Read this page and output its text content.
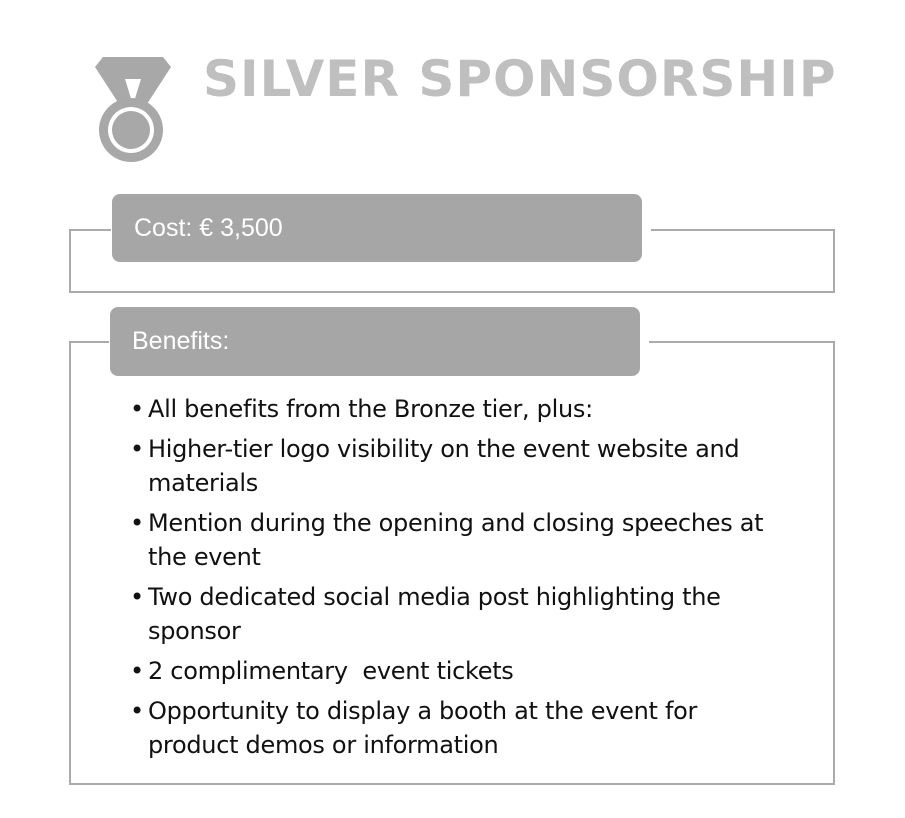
SILVER SPONSORSHIP
Cost: € 3,500
Benefits:
• All benefits from the Bronze tier, plus:
• Higher-tier logo visibility on the event website and materials
• Mention during the opening and closing speeches at the event
• Two dedicated social media post highlighting the sponsor
• 2 complimentary  event tickets
• Opportunity to display a booth at the event for product demos or information
